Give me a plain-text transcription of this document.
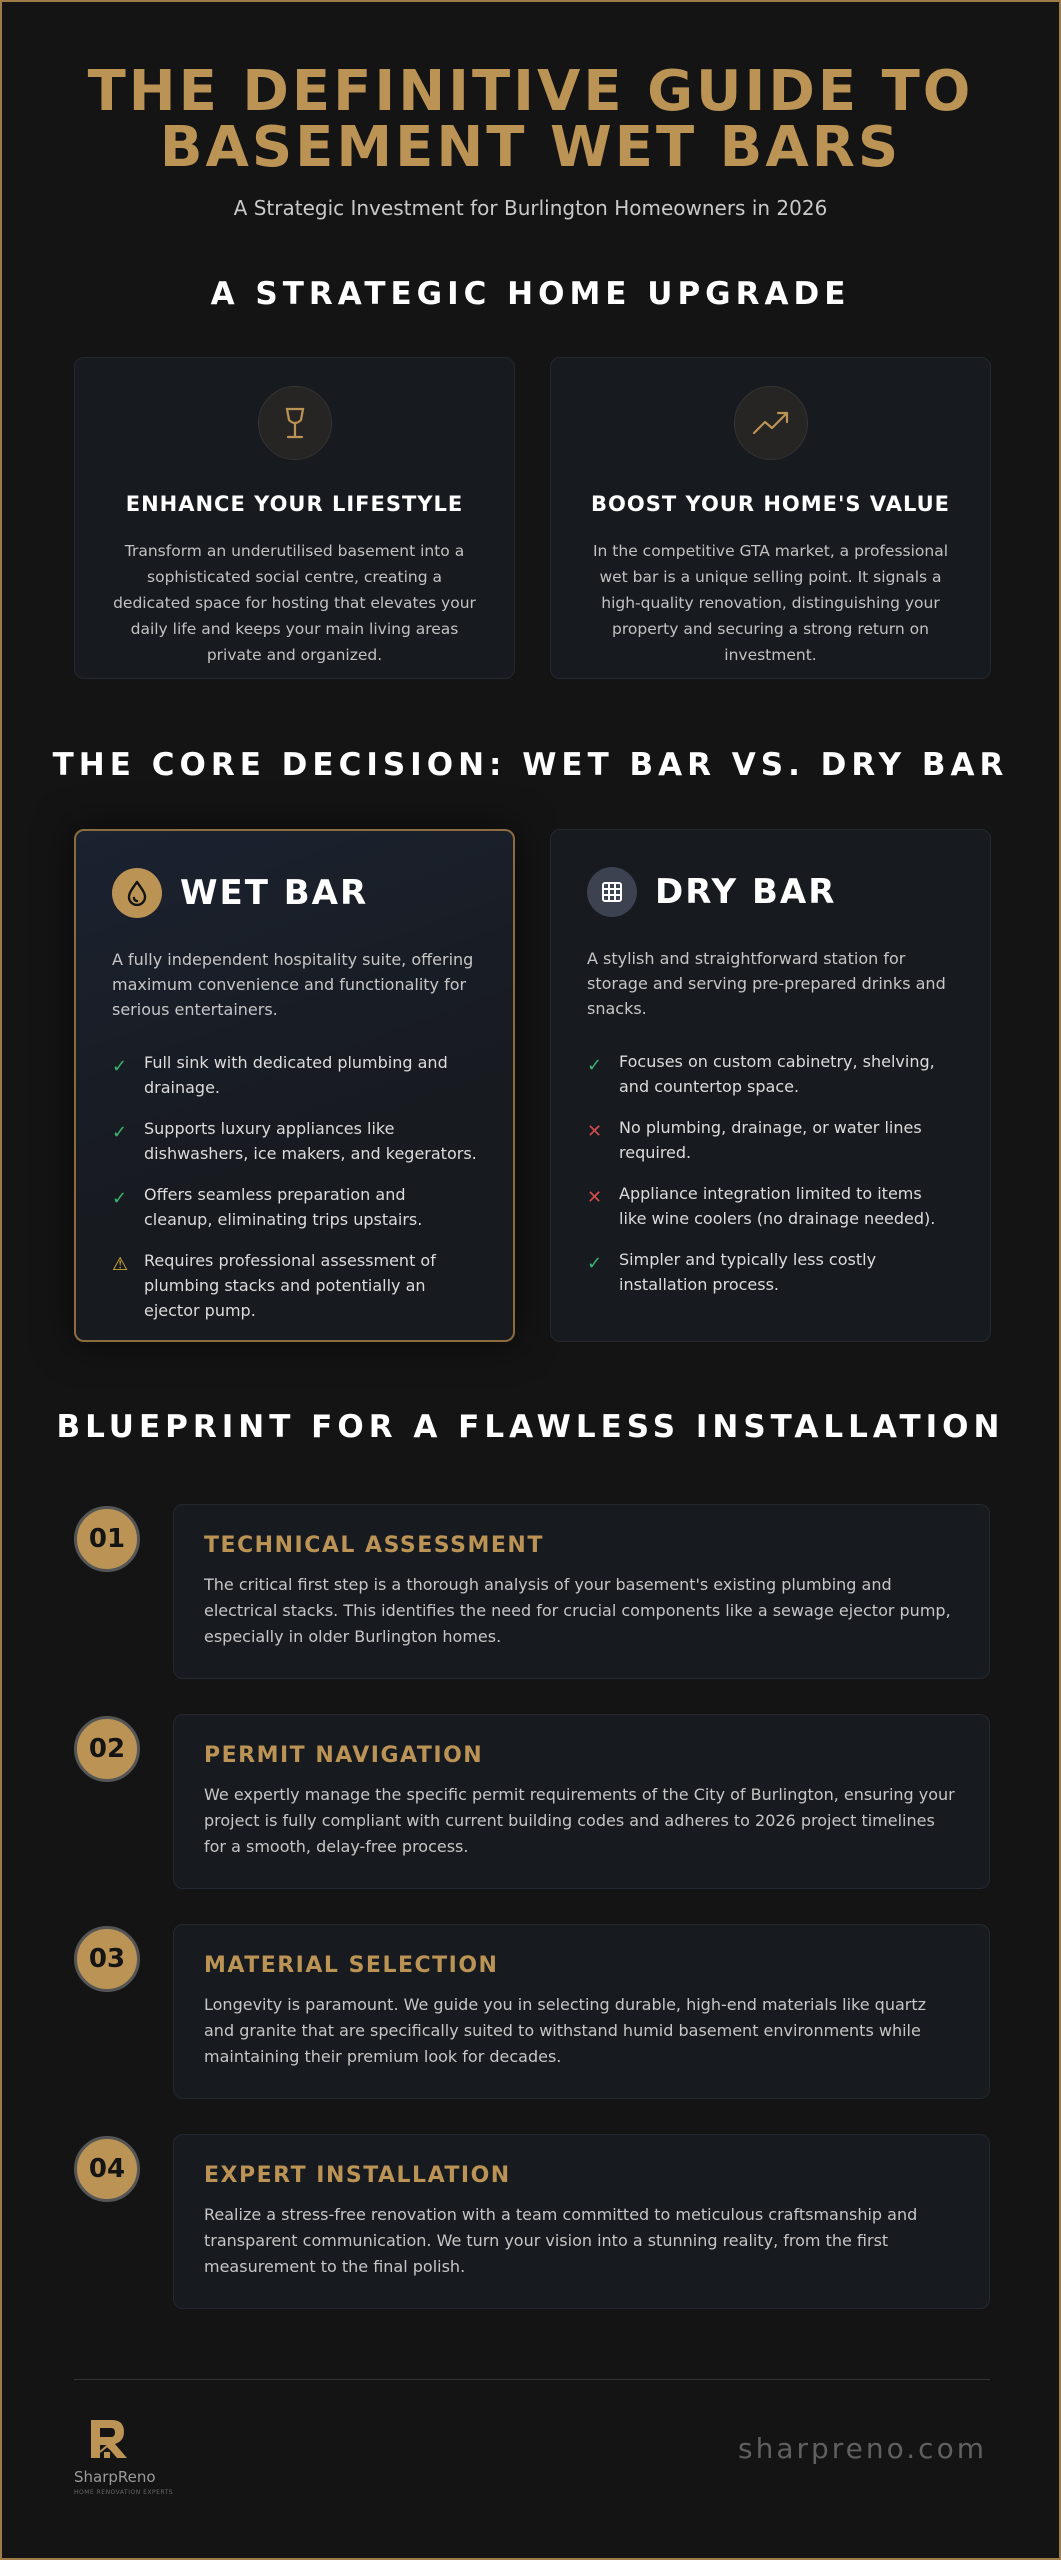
THE DEFINITIVE GUIDE TO
BASEMENT WET BARS
A Strategic Investment for Burlington Homeowners in 2026
A STRATEGIC HOME UPGRADE
ENHANCE YOUR LIFESTYLE

Transform an underutilised basement into a sophisticated social centre, creating a dedicated space for hosting that elevates your daily life and keeps your main living areas private and organized.

BOOST YOUR HOME'S VALUE

In the competitive GTA market, a professional wet bar is a unique selling point. It signals a high-quality renovation, distinguishing your property and securing a strong return on investment.

THE CORE DECISION: WET BAR VS. DRY BAR
WET BAR

A fully independent hospitality suite, offering maximum convenience and functionality for serious entertainers.

✓	Full sink with dedicated plumbing and drainage.
✓	Supports luxury appliances like dishwashers, ice makers, and kegerators.
✓	Offers seamless preparation and cleanup, eliminating trips upstairs.
⚠ Requires professional assessment of plumbing stacks and potentially an ejector pump.
DRY BAR

A stylish and straightforward station for storage and serving pre-prepared drinks and snacks.

✓	Focuses on custom cabinetry, shelving, and countertop space.
✕	No plumbing, drainage, or water lines required.
✕	Appliance integration limited to items like wine coolers (no drainage needed).
✓	Simpler and typically less costly installation process.
BLUEPRINT FOR A FLAWLESS INSTALLATION
01	TECHNICAL ASSESSMENT

The critical first step is a thorough analysis of your basement's existing plumbing and electrical stacks. This identifies the need for crucial components like a sewage ejector pump, especially in older Burlington homes.

02	PERMIT NAVIGATION

We expertly manage the specific permit requirements of the City of Burlington, ensuring your project is fully compliant with current building codes and adheres to 2026 project timelines for a smooth, delay-free process.

03	MATERIAL SELECTION

Longevity is paramount. We guide you in selecting durable, high-end materials like quartz and granite that are specifically suited to withstand humid basement environments while maintaining their premium look for decades.

04	EXPERT INSTALLATION

Realize a stress-free renovation with a team committed to meticulous craftsmanship and transparent communication. We turn your vision into a stunning reality, from the first measurement to the final polish.

SharpReno
HOME RENOVATION EXPERTS
sharpreno.com
